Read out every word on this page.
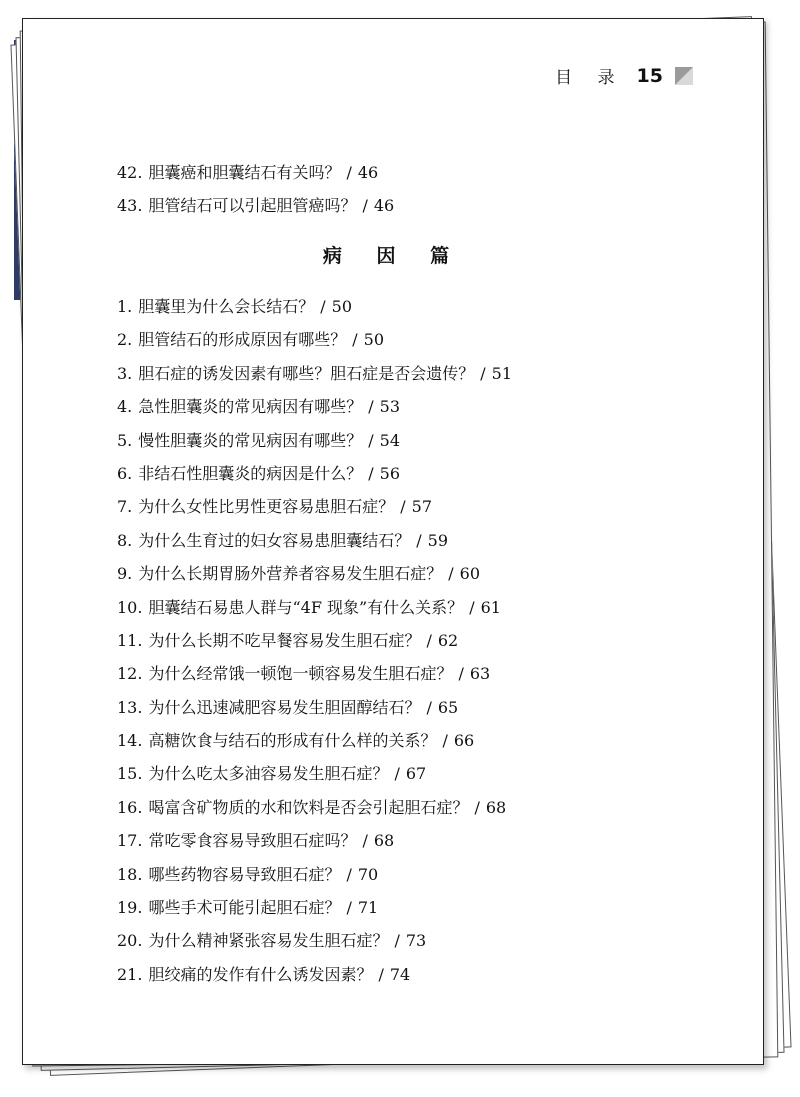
目 录 15
42. 胆囊癌和胆囊结石有关吗？ / 46
43. 胆管结石可以引起胆管癌吗？ / 46
病 因 篇
1. 胆囊里为什么会长结石？ / 50
2. 胆管结石的形成原因有哪些？ / 50
3. 胆石症的诱发因素有哪些？胆石症是否会遗传？ / 51
4. 急性胆囊炎的常见病因有哪些？ / 53
5. 慢性胆囊炎的常见病因有哪些？ / 54
6. 非结石性胆囊炎的病因是什么？ / 56
7. 为什么女性比男性更容易患胆石症？ / 57
8. 为什么生育过的妇女容易患胆囊结石？ / 59
9. 为什么长期胃肠外营养者容易发生胆石症？ / 60
10. 胆囊结石易患人群与“4F 现象”有什么关系？ / 61
11. 为什么长期不吃早餐容易发生胆石症？ / 62
12. 为什么经常饿一顿饱一顿容易发生胆石症？ / 63
13. 为什么迅速减肥容易发生胆固醇结石？ / 65
14. 高糖饮食与结石的形成有什么样的关系？ / 66
15. 为什么吃太多油容易发生胆石症？ / 67
16. 喝富含矿物质的水和饮料是否会引起胆石症？ / 68
17. 常吃零食容易导致胆石症吗？ / 68
18. 哪些药物容易导致胆石症？ / 70
19. 哪些手术可能引起胆石症？ / 71
20. 为什么精神紧张容易发生胆石症？ / 73
21. 胆绞痛的发作有什么诱发因素？ / 74
